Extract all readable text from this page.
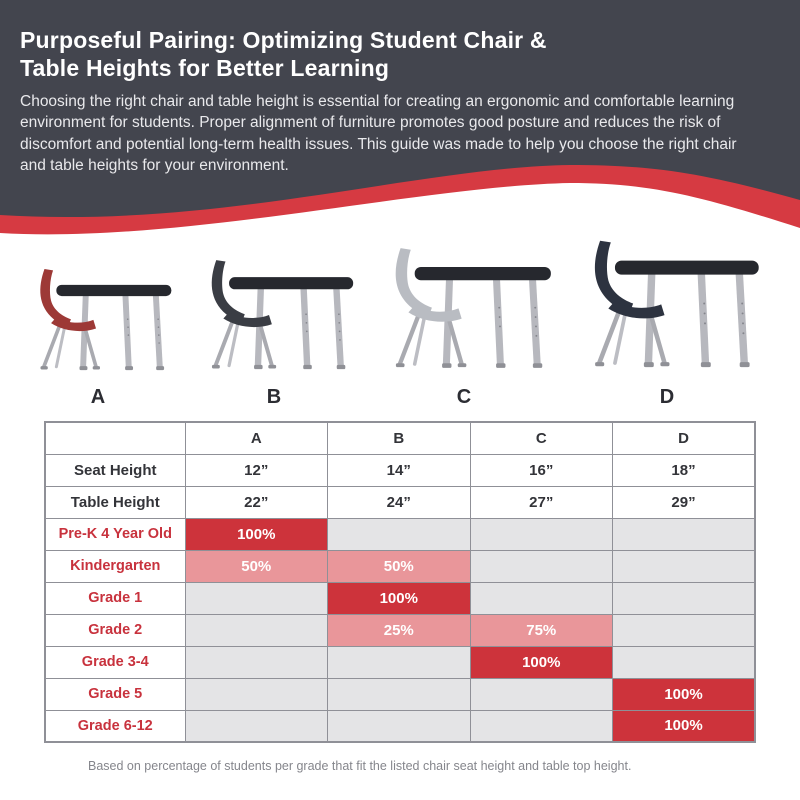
Purposeful Pairing: Optimizing Student Chair &
Table Heights for Better Learning

Choosing the right chair and table height is essential for creating an ergonomic and comfortable learning environment for students. Proper alignment of furniture promotes good posture and reduces the risk of discomfort and potential long-term health issues. This guide was made to help you choose the right chair and table heights for your environment.

A	B	C	D
	A	B	C	D
Seat Height	12”	14”	16”	18”
Table Height	22”	24”	27”	29”
Pre-K 4 Year Old	100%			
Kindergarten	50%	50%		
Grade 1		100%		
Grade 2		25%	75%	
Grade 3-4			100%	
Grade 5				100%
Grade 6-12				100%

Based on percentage of students per grade that fit the listed chair seat height and table top height.
